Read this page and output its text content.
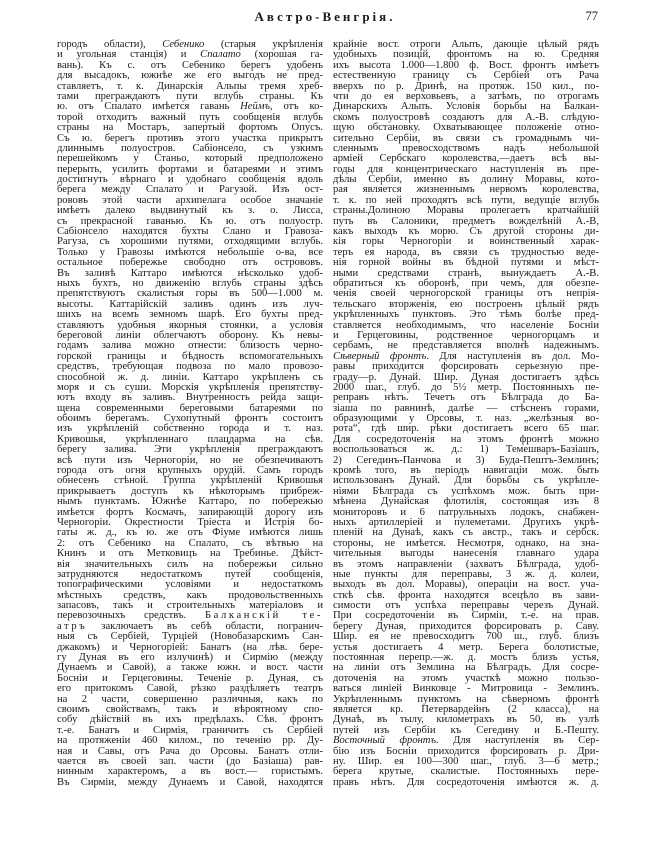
Австро-Венгрія.	77
городъ области), Себенико (старыя укрѣпленія
и угольная станція) и Спалато (хорошая га-
вань). Къ с. отъ Себенико берегъ удобенъ
для высадокъ, южнѣе же его выгодъ не пред-
ставляетъ, т. к. Динарскія Альпы тремя хреб-
тами преграждаютъ пути вглубь страны. Къ
ю. отъ Спалато имѣется гавань Неймъ, отъ ко-
торой отходитъ важный путь сообщенія вглубь
страны на Мостаръ, запертый фортомъ Опусъ.
Съ ю. берегъ противъ этого участка прикрытъ
длиннымъ полуостров. Сабіонсело, съ узкимъ
перешейкомъ у Станьо, который предположено
перерыть, усилить фортами и батареями и этимъ
достигнуть вѣрнаго и удобнаго сообщенія вдоль
берега между Спалато и Рагузой. Изъ ост-
рововъ этой части архипелага особое значаніе
имѣетъ далеко выдвинутый къ з. о. Лисса,
съ прекрасной гаванью. Къ ю. отъ полуостр.
Сабіонсело находятся бухты Слано и Гравоза-
Рагуза, съ хорошими путями, отходящими вглубь.
Только у Гравозы имѣются небольшіе о-ва, все
остальное побережье свободно отъ острововъ.
Въ заливѣ Каттаро имѣются нѣсколько удоб-
ныхъ бухтъ, но движенію вглубь страны здѣсь
препятствуютъ скалистыя горы въ 500—1.000 м.
высоты. Каттарійскій заливъ одинъ изъ луч-
шихъ на всемъ земномъ шарѣ. Его бухты пред-
ставляютъ удобныя якорныя стоянки, а условія
береговой линіи облегчаютъ оборону. Къ невы-
годамъ залива можно отнести: близость черно-
горской границы и бѣдность вспомогательныхъ
средствъ, требующая подвоза по мало провозо-
способной ж. д. линіи. Каттаро укрѣпленъ съ
моря и съ суши. Морскія укрѣпленія препятству-
ютъ входу въ заливъ. Внутренность рейда защи-
щена современными береговыми батареями по
обоимъ берегамъ. Сухопутный фронтъ состоитъ
изъ укрѣпленій собственно города и т. наз.
Кривошья, укрѣпленнаго плацдарма на сѣв.
берегу залива. Эти укрѣпленія преграждаютъ
всѣ пути изъ Черногоріи, но не обезпечиваютъ
города отъ огня крупныхъ орудій. Самъ городъ
обнесенъ стѣной. Группа укрѣпленій Кривошья
прикрываетъ доступъ къ нѣкоторымъ прибреж-
нымъ пунктамъ. Южнѣе Каттаро, по побережью
имѣется фортъ Космачъ, запирающій дорогу изъ
Черногоріи. Окрестности Тріеста и Истрія бо-
гаты ж. д., къ ю. же отъ Фіуме имѣются лишь
2: отъ Себенико на Спалато, съ вѣтвью на
Книнъ и отъ Метковицъ на Требинье. Дѣйст-
вія значительныхъ силъ на побережьи сильно
затрудняются недостаткомъ путей сообщенія,
топографическими условіями и недостаткомъ
мѣстныхъ средствъ, какъ продовольственныхъ
запасовъ, такъ и строительныхъ матеріаловъ и
перевозочныхъ средствъ. Балканскій те-
атръ заключаетъ въ себѣ области, погранич-
ныя съ Сербіей, Турціей (Новобазарскимъ Сан-
джакомъ) и Черногоріей: Банатъ (на лѣв. бере-
гу Дуная въ его излучинѣ) и Сирмію (между
Дунаемъ и Савой), а также южн. и вост. части
Босніи и Герцеговины. Теченіе р. Дуная, съ
его притокомъ Савой, рѣзко раздѣляетъ театръ
на 2 части, совершенно различныя, какъ по
своимъ свойствамъ, такъ и вѣроятному спо-
собу дѣйствій въ ихъ предѣлахъ. Сѣв. фронтъ
т.-е. Банатъ и Сирмія, граничитъ съ Сербіей
на протяженіи 460 килом., по теченію рр. Ду-
ная и Савы, отъ Рача до Орсовы. Банатъ отли-
чается въ своей зап. части (до Базіаша) рав-
нинным характеромъ, а въ вост.— гористымъ.
Въ Сирміи, между Дунаемъ и Савой, находятся
крайніе вост. отроги Альпъ, дающіе цѣлый рядъ
удобныхъ позицій, фронтомъ на ю. Средняя
ихъ высота 1.000—1.800 ф. Вост. фронтъ имѣетъ
естественную границу съ Сербіей отъ Рача
вверхъ по р. Дринѣ, на протяж. 150 кил., по-
чти до ея верховьевъ, а затѣмъ, по отрогамъ
Динарскихъ Альпъ. Условія борьбы на Балкан-
скомъ полуостровѣ создаютъ для А.-В. слѣдую-
щую обстановку. Охватывающее положеніе отно-
сительно Сербіи, въ связи съ громаднымъ чи-
сленнымъ превосходствомъ надъ небольшой
арміей Сербскаго королевства,—даетъ всѣ вы-
годы для концентрическаго наступленія въ пре-
дѣлы Сербіи, именно въ долину Моравы, кото-
рая является жизненнымъ нервомъ королевства,
т. к. по ней проходятъ всѣ пути, ведущіе вглубь
страны.Долиною Моравы пролегаетъ кратчайшій
путь въ Салоники, предметъ вожделѣній А.-В,
какъ выходъ къ морю. Съ другой стороны ди-
кія горы Черногоріи и воинственный харак-
теръ ея народа, въ связи съ трудностью веде-
нія горной войны въ бѣдной путями и мѣст-
ными средствами странѣ, вынуждаетъ А.-В.
обратиться къ оборонѣ, при чемъ, для обезпе-
ченія своей черногорской границы отъ непрія-
тельскаго вторженія, ею построенъ цѣлый рядъ
укрѣпленныхъ пунктовъ. Это тѣмъ болѣе пред-
ставляется необходимымъ, что населеніе Босніи
и Герцеговины, родственное черногорцамъ и
сербамъ, не представляется вполнѣ надежнымъ.
Сѣверный фронтъ. Для наступленія въ дол. Мо-
равы приходится форсировать серьезную пре-
граду—р. Дунай. Шир. Дуная достигаетъ здѣсь
2000 шаг., глуб. до 5½ метр. Постоянныхъ пе-
реправъ нѣтъ. Течетъ отъ Бѣлграда до Ба-
зіаша по равнинѣ, далѣе — стѣсненъ горами,
образующими у Орсовы, т. наз. „желѣзныя во-
рота“, гдѣ шир. рѣки достигаетъ всего 65 шаг.
Для сосредоточенія на этомъ фронтѣ можно
воспользоваться ж. д.: 1) Темешваръ-Базіашъ,
2) Сегединъ-Панчова и 3) Буда-Пештъ-Землинъ;
кромѣ того, въ періодъ навигаціи мож. быть
использованъ Дунай. Для борьбы съ укрѣпле-
ніями Бѣлграда съ успѣхомъ мож. быть при-
мѣнена Дунайская флотилія, состоящая изъ 8
мониторовъ и 6 патрульныхъ лодокъ, снабжен-
ныхъ артиллеріей и пулеметами. Другихъ укрѣ-
пленій на Дунаѣ, какъ съ австр., такъ и сербск.
стороны, не имѣется. Несмотря, однако, на зна-
чительныя выгоды нанесенія главнаго удара
въ этомъ направленіи (захватъ Бѣлграда, удоб-
ные пункты для переправы, 3 ж. д. колеи,
выходъ въ дол. Моравы), операціи на вост. уча-
сткѣ сѣв. фронта находятся всецѣло въ зави-
симости отъ успѣха переправы черезъ Дунай.
При сосредоточеніи въ Сирміи, т.-е. на прав.
берегу Дуная, приходится форсировать р. Саву.
Шир. ея не превосходитъ 700 ш., глуб. близъ
устья достигаетъ 4 метр. Берега болотистые,
постоянная перепр.—ж. д. мостъ близъ устья,
на линіи отъ Землина на Бѣлградъ. Для сосре-
доточенія на этомъ участкѣ можно пользо-
ваться линіей Винковце - Митровица - Землинъ.
Укрѣпленнымъ пунктомъ на сѣверномъ фронтѣ
является кр. Петервардейнъ (2 класса), на
Дунаѣ, въ тылу, километрахъ въ 50, въ узлѣ
путей изъ Сербіи къ Сегедину и Б.-Пешту.
Восточный фронтъ. Для наступленія въ Сер-
бію изъ Босніи приходится форсировать р. Дри-
ну. Шир. ея 100—300 шаг., глуб. 3—6 метр.;
берега крутые, скалистые. Постоянныхъ пере-
правъ нѣтъ. Для сосредоточенія имѣются ж. д.
